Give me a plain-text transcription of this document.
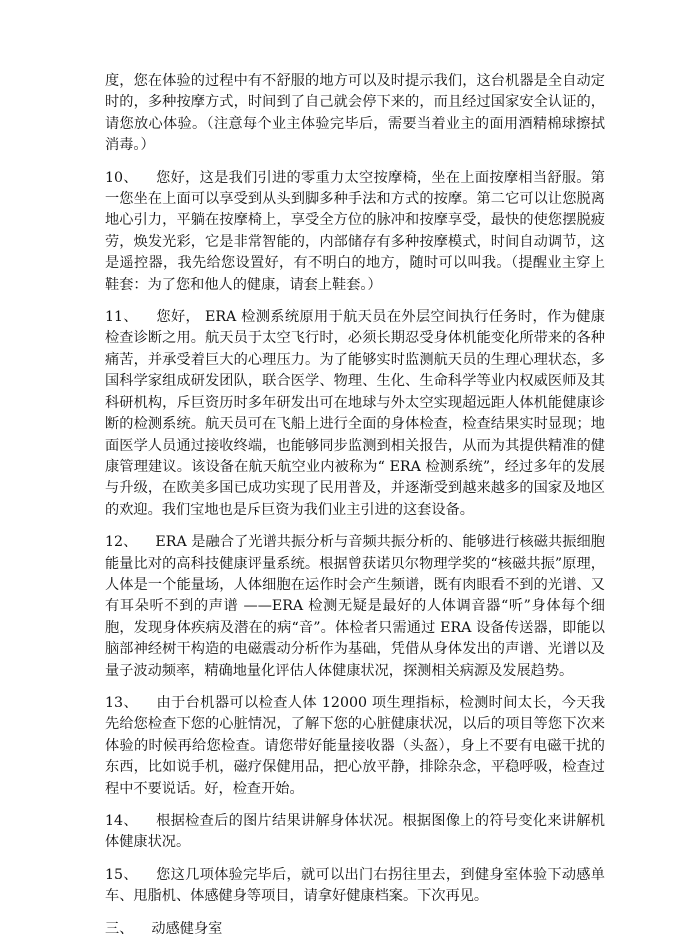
度，您在体验的过程中有不舒服的地方可以及时提示我们，这台机器是全自动定时的，多种按摩方式，时间到了自己就会停下来的，而且经过国家安全认证的，请您放心体验。（注意每个业主体验完毕后，需要当着业主的面用酒精棉球擦拭消毒。）

10、 您好，这是我们引进的零重力太空按摩椅，坐在上面按摩相当舒服。第一您坐在上面可以享受到从头到脚多种手法和方式的按摩。第二它可以让您脱离地心引力，平躺在按摩椅上，享受全方位的脉冲和按摩享受，最快的使您摆脱疲劳，焕发光彩，它是非常智能的，内部储存有多种按摩模式，时间自动调节，这是遥控器，我先给您设置好，有不明白的地方，随时可以叫我。（提醒业主穿上鞋套：为了您和他人的健康，请套上鞋套。）

11、 您好， ERA 检测系统原用于航天员在外层空间执行任务时，作为健康检查诊断之用。航天员于太空飞行时，必须长期忍受身体机能变化所带来的各种痛苦，并承受着巨大的心理压力。为了能够实时监测航天员的生理心理状态，多国科学家组成研发团队，联合医学、物理、生化、生命科学等业内权威医师及其科研机构，斥巨资历时多年研发出可在地球与外太空实现超远距人体机能健康诊断的检测系统。航天员可在飞船上进行全面的身体检查，检查结果实时显现；地面医学人员通过接收终端，也能够同步监测到相关报告，从而为其提供精准的健康管理建议。该设备在航天航空业内被称为“ ERA 检测系统”，经过多年的发展与升级，在欧美多国已成功实现了民用普及，并逐渐受到越来越多的国家及地区的欢迎。我们宝地也是斥巨资为我们业主引进的这套设备。

12、 ERA 是融合了光谱共振分析与音频共振分析的、能够进行核磁共振细胞能量比对的高科技健康评量系统。根据曾获诺贝尔物理学奖的“核磁共振”原理，人体是一个能量场，人体细胞在运作时会产生频谱，既有肉眼看不到的光谱、又有耳朵听不到的声谱 ——ERA 检测无疑是最好的人体调音器“听”身体每个细胞，发现身体疾病及潜在的病“音”。体检者只需通过 ERA 设备传送器，即能以脑部神经树干构造的电磁震动分析作为基础，凭借从身体发出的声谱、光谱以及量子波动频率，精确地量化评估人体健康状况，探测相关病源及发展趋势。

13、 由于台机器可以检查人体 12000 项生理指标，检测时间太长，今天我先给您检查下您的心脏情况，了解下您的心脏健康状况，以后的项目等您下次来体验的时候再给您检查。请您带好能量接收器（头盔），身上不要有电磁干扰的东西，比如说手机，磁疗保健用品，把心放平静，排除杂念，平稳呼吸，检查过程中不要说话。好，检查开始。

14、 根据检查后的图片结果讲解身体状况。根据图像上的符号变化来讲解机体健康状况。

15、 您这几项体验完毕后，就可以出门右拐往里去，到健身室体验下动感单车、甩脂机、体感健身等项目，请拿好健康档案。下次再见。

三、 动感健身室
